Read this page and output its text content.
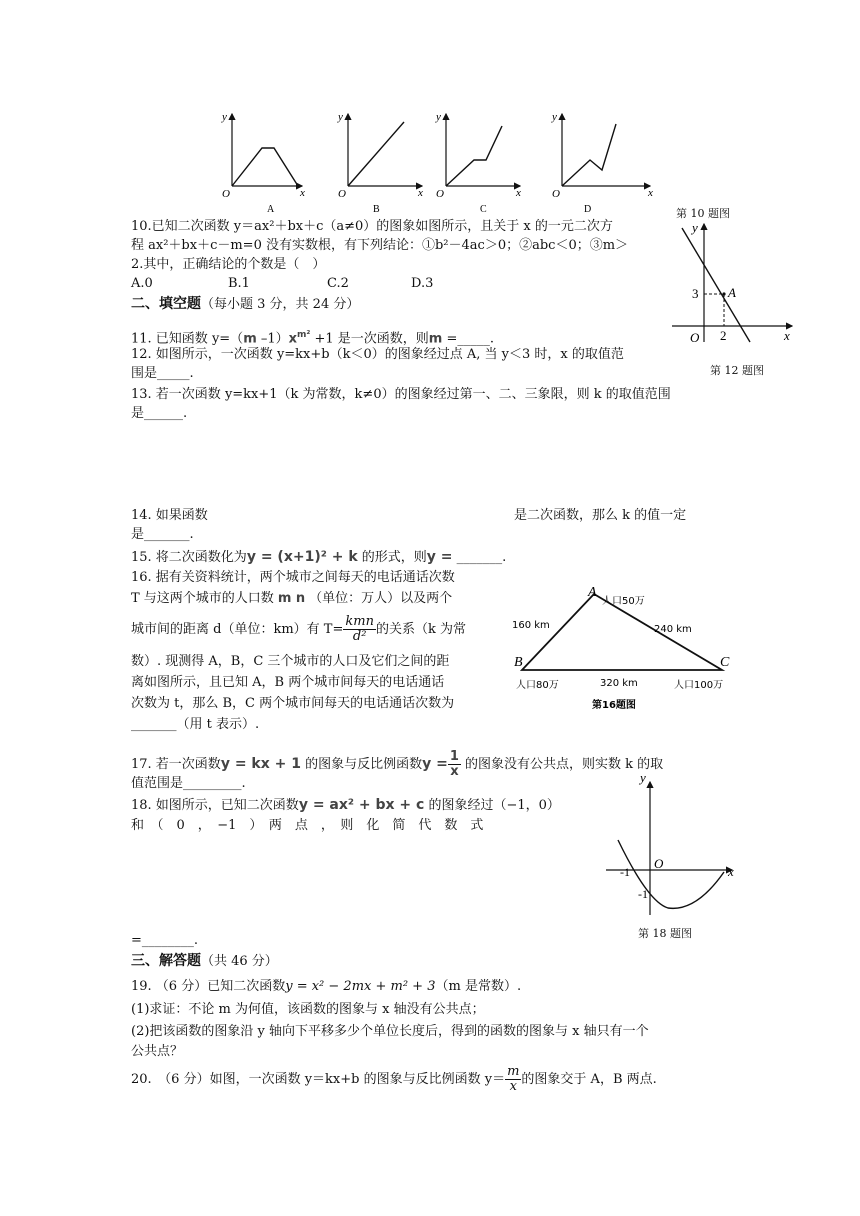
y
x
O
A
y
x
O
B
y
x
O
C
y
x
O
D	第 10 题图
y
x
O
3
2
A
第 12 题图
10.已知二次函数 y＝ax²＋bx＋c（a≠0）的图象如图所示，且关于 x 的一元二次方
程 ax²＋bx＋c－m=0 没有实数根，有下列结论：①b²－4ac＞0；②abc＜0；③m＞
2.其中，正确结论的个数是（　）
A.0	B.1	C.2	D.3
二、填空题（每小题 3 分，共 24 分）
11. 已知函数 y=（m $-1)x^{m^2} +1$ 是一次函数，则m =_____.
12. 如图所示，一次函数 y=kx+b（k＜0）的图象经过点 A, 当 y＜3 时，x 的取值范
围是_____.
13. 若一次函数 y=kx+1（k 为常数，k≠0）的图象经过第一、二、三象限，则 k 的取值范围
是______.
14. 如果函数	是二次函数，那么 k 的值一定
是_______.
15. 将二次函数化为y = (x+1)² + k 的形式，则y = _______.
16. 据有关资料统计，两个城市之间每天的电话通话次数
T 与这两个城市的人口数 m n （单位：万人）以及两个
城市间的距离 d（单位：km）有 $T= \frac{\text{kmn}}{\text{d²}}$ 的关系（k 为常
数）. 现测得 A，B，C 三个城市的人口及它们之间的距
离如图所示，且已知 A，B 两个城市间每天的电话通话
次数为 t，那么 B，C 两个城市间每天的电话通话次数为
_______（用 t 表示）.
A
B	C
人口50万
人口80万	人口100万
160 km	240 km
320 km
第16题图
17. 若一次函数y = kx + 1 的图象与反比例函数$y = \frac{1}{x}$ 的图象没有公共点，则实数 k 的取
值范围是_________.
18. 如图所示，已知二次函数y = ax² + bx + c 的图象经过（−1，0）
和　（　0　，　−1　）　两　点　，　则　化　简　代　数　式
=________.
y
x
O
-1
-1
第 18 题图
三、解答题（共 46 分）
19. （6 分）已知二次函数y = x² − 2mx + m² + 3（m 是常数）.
(1)求证：不论 m 为何值，该函数的图象与 x 轴没有公共点；
(2)把该函数的图象沿 y 轴向下平移多少个单位长度后，得到的函数的图象与 x 轴只有一个
公共点？
20.　（6 分）如图，一次函数 y＝kx+b 的图象与反比例函数 $y= \frac{m}{x}$ 的图象交于 A，B 两点.
